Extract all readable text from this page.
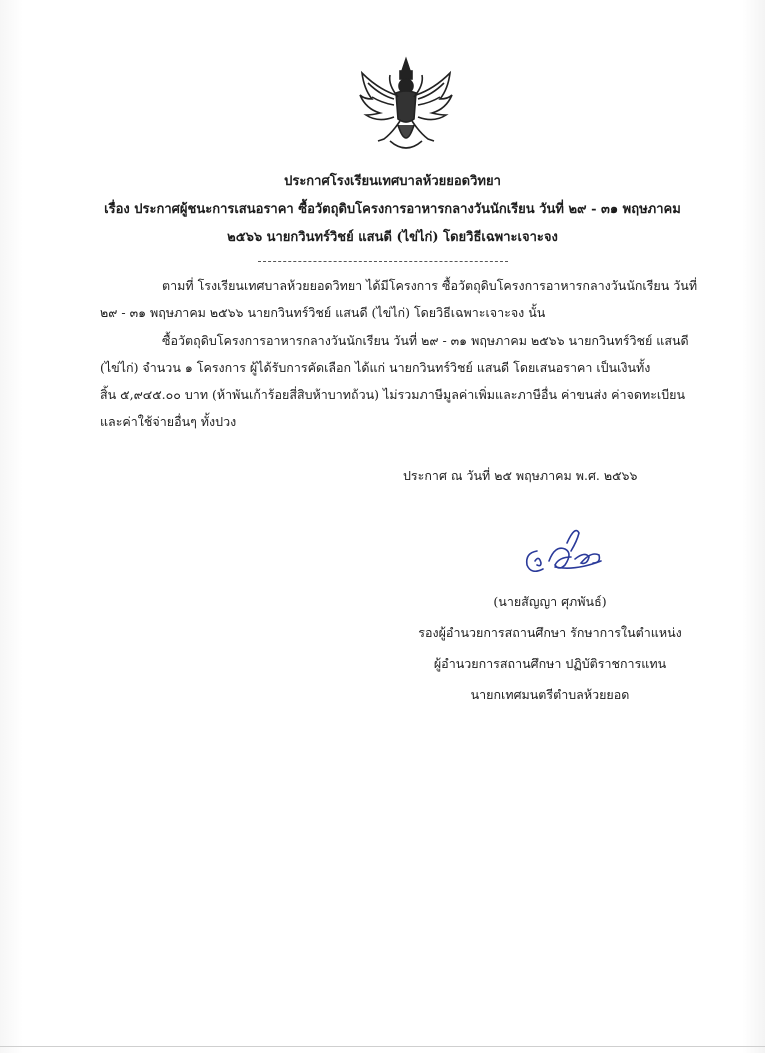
ประกาศโรงเรียนเทศบาลห้วยยอดวิทยา
เรื่อง ประกาศผู้ชนะการเสนอราคา ซื้อวัตถุดิบโครงการอาหารกลางวันนักเรียน วันที่ ๒๙ - ๓๑ พฤษภาคม
๒๕๖๖ นายกวินทร์วิชย์ แสนดี (ไข่ไก่) โดยวิธีเฉพาะเจาะจง
ตามที่ โรงเรียนเทศบาลห้วยยอดวิทยา ได้มีโครงการ ซื้อวัตถุดิบโครงการอาหารกลางวันนักเรียน วันที่
๒๙ - ๓๑ พฤษภาคม ๒๕๖๖ นายกวินทร์วิชย์ แสนดี (ไข่ไก่) โดยวิธีเฉพาะเจาะจง นั้น
ซื้อวัตถุดิบโครงการอาหารกลางวันนักเรียน วันที่ ๒๙ - ๓๑ พฤษภาคม ๒๕๖๖ นายกวินทร์วิชย์ แสนดี
(ไข่ไก่) จำนวน ๑ โครงการ ผู้ได้รับการคัดเลือก ได้แก่ นายกวินทร์วิชย์ แสนดี โดยเสนอราคา เป็นเงินทั้ง
สิ้น ๕,๙๔๕.๐๐ บาท (ห้าพันเก้าร้อยสี่สิบห้าบาทถ้วน) ไม่รวมภาษีมูลค่าเพิ่มและภาษีอื่น ค่าขนส่ง ค่าจดทะเบียน
และค่าใช้จ่ายอื่นๆ ทั้งปวง
ประกาศ ณ วันที่ ๒๕ พฤษภาคม พ.ศ. ๒๕๖๖
(นายสัญญา ศุภพันธ์)
รองผู้อำนวยการสถานศึกษา รักษาการในตำแหน่ง
ผู้อำนวยการสถานศึกษา ปฏิบัติราชการแทน
นายกเทศมนตรีตำบลห้วยยอด
